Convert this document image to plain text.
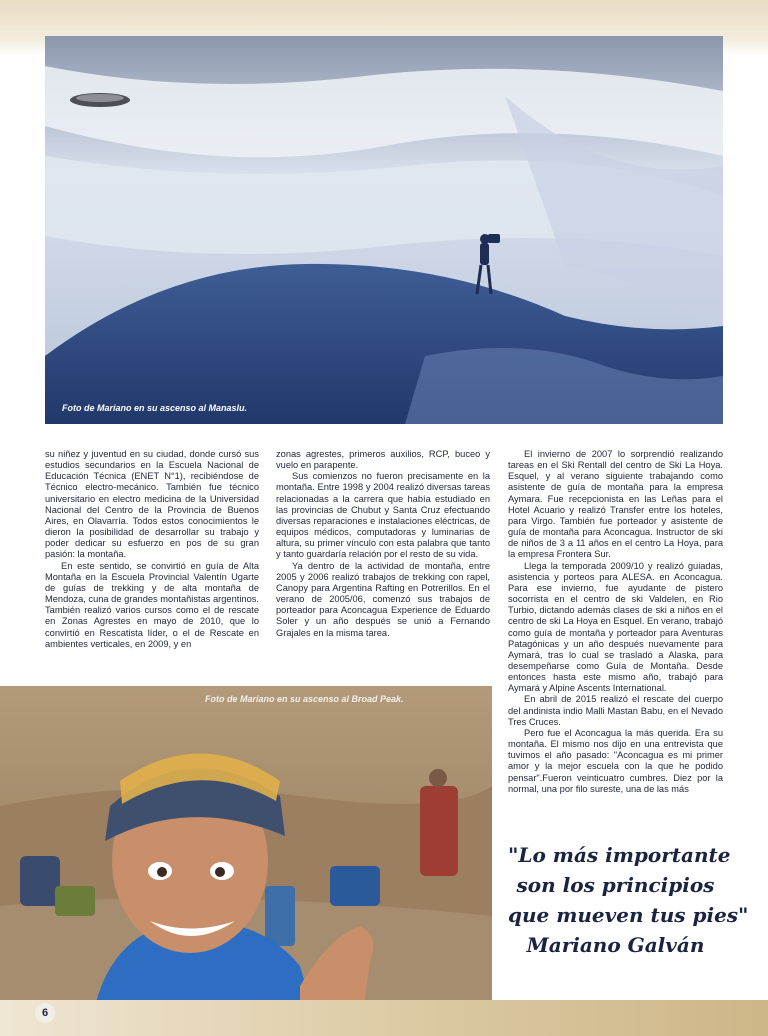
Foto de Mariano en su ascenso al Manaslu.

su niñez y juventud en su ciudad, donde cursó sus estudios secundarios en la Escuela Nacional de Educación Técnica (ENET N°1), recibiéndose de Técnico electro-mecánico. También fue técnico universitario en electro medicina de la Universidad Nacional del Centro de la Provincia de Buenos Aires, en Olavarría. Todos estos conocimientos le dieron la posibilidad de desarrollar su trabajo y poder dedicar su esfuerzo en pos de su gran pasión: la montaña.

En este sentido, se convirtió en guía de Alta Montaña en la Escuela Provincial Valentín Ugarte de guías de trekking y de alta montaña de Mendoza, cuna de grandes montañistas argentinos. También realizó varios cursos como el de rescate en Zonas Agrestes en mayo de 2010, que lo convirtió en Rescatista líder, o el de Rescate en ambientes verticales, en 2009, y en

zonas agrestes, primeros auxilios, RCP, buceo y vuelo en parapente.

Sus comienzos no fueron precisamente en la montaña. Entre 1998 y 2004 realizó diversas tareas relacionadas a la carrera que había estudiado en las provincias de Chubut y Santa Cruz efectuando diversas reparaciones e instalaciones eléctricas, de equipos médicos, computadoras y luminarias de altura, su primer vínculo con esta palabra que tanto y tanto guardaría relación por el resto de su vida.

Ya dentro de la actividad de montaña, entre 2005 y 2006 realizó trabajos de trekking con rapel, Canopy para Argentina Rafting en Potrerillos. En el verano de 2005/06, comenzó sus trabajos de porteador para Aconcagua Experience de Eduardo Soler y un año después se unió a Fernando Grajales en la misma tarea.

El invierno de 2007 lo sorprendió realizando tareas en el Ski Rentall del centro de Ski La Hoya. Esquel, y al verano siguiente trabajando como asistente de guía de montaña para la empresa Aymara. Fue recepcionista en las Leñas para el Hotel Acuario y realizó Transfer entre los hoteles, para Virgo. También fue porteador y asistente de guía de montaña para Aconcagua. Instructor de ski de niños de 3 a 11 años en el centro La Hoya, para la empresa Frontera Sur.

Llega la temporada 2009/10 y realizó guiadas, asistencia y porteos para ALESA. en Aconcagua. Para ese invierno, fue ayudante de pistero socorrista en el centro de ski Valdelen, en Rio Turbio, dictando además clases de ski a niños en el centro de ski La Hoya en Esquel. En verano, trabajó como guía de montaña y porteador para Aventuras Patagónicas y un año después nuevamente para Aymará, tras lo cual se trasladó a Alaska, para desempeñarse como Guía de Montaña. Desde entonces hasta este mismo año, trabajó para Aymará y Alpine Ascents International.

En abril de 2015 realizó el rescate del cuerpo del andinista indio Malli Mastan Babu, en el Nevado Tres Cruces.

Pero fue el Aconcagua la más querida. Era su montaña. El mismo nos dijo en una entrevista que tuvimos el año pasado: "Aconcagua es mi primer amor y la mejor escuela con la que he podido pensar".Fueron veinticuatro cumbres. Diez por la normal, una por filo sureste, una de las más

Foto de Mariano en su ascenso al Broad Peak.
"Lo más importante
son los principios
que mueven tus pies"
Mariano Galván
6
